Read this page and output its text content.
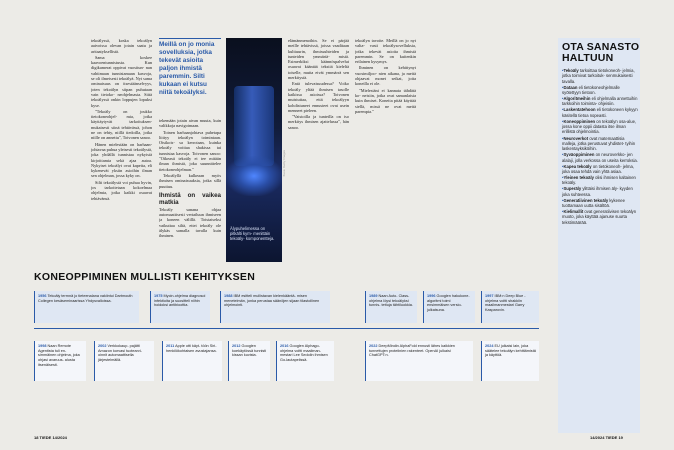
tekoälyssä, koska tekoälyn aaivoissa olevan jotain saatu ja aritaatyksellistä.

Sama koskee kaavoentunnistusta. Kun digikamerat oppivat vuositun- nan vahtimaan tunnistamaan kasvoja, se oli ilmeisesti tekoälyä. Nyt sama ominaisuus on itsestäänselvyys, joten tekoälyn siipan puhutaan vain tietoko- neohjelmasta. Siitä tekoälyssä onkin loppujen lopuksi kyse.

"Tekoäly on joukko tietokoneohjel- mia, jotka käyttäytyvät tarkoituksen- mukaisesti siinä tehtävässä, johon ne on tehty, niillä tiedoilla, jotka niille on annettu", Toivonen sanoo.

Hänen mielestään on harhaan- johtavaa puhua yleisesti tekoälystä, joka yhdällä tunnistaa nykyisiä kirjoittamia sekä ajaa autoa. Nykyiset tekoälyt ovat kapeita, eli kykenevät yksiin asioihin ilman sen ohjelman, jossa kyky on.

Silti tekoälystä voi puhua hyvin, jos tarkoitetaan kokoelmaa ohjelmia, jotka kaikki osaavat tehtävänsä.

Meillä on jo monia sovelluksia, jotka tekevät asioita paljon ihmistä paremmin. Silti kukaan ei kutsu niitä tekoälyksi.

tekemään jotain aivan muuta, kuin valikkoja navigoimaan.

Toinen harhaanjohtava puhetapa liittyy tekoälyn toimintaan. Otsikois- sa kerrotaan, kuinka tekoäly voittaa shakissa tai tunnistaa kasvoja. Toivonen sanoo: "Oikeasti tekoäly ei tee mitään ilman ihmistä, joka suunnittelee tietokoneohjelman."

Tekoälyllä kulkeaan myös ihmisen ominaisuuksia, jotka sillä puuttuu.

Ihmistä on vaikea matkia

Tekoäly sanana ohjaa automaattisesti vertailuun ihmiseen ja koneen välillä. Toistaiseksi vaikuttaa siltä, ettei tekoäly ole älykäs samalla tavalla kuin ihminen.

Älypuhelimessa on pitkälti kym- menittäin tekoäly- komponentteja.
Kuva: Getty Images

elämänmenoihin. Se ei pärjää meille tehtävissä, joissa vaaditaan kulttuurin, ihmissuhteiden ja tunteiden ymmärtä- mistä. Esimerkiksi käännöspalvelut osaavat kääntää tekstiä kieleltä toiselle, mutta eivät ymmärrä sen merkitystä.

Entä tulevaisuudessa? Voiko tekoäly yltää ihmisen tasolle kaikissa asioissa? Toivonen muistuttaa, että tekoälyyn kohdistuneet ennusteet ovat usein menneet pieleen.

"Vaistoilla ja tunteilla on iso merkitys ihmisen ajattelussa", hän sanoo.

tekoälyn tavoite. Meillä on jo nyt valta- vasti tekoälysovelluksia, jotka tekevät asioita ihmistä paremmin. Se on kuitenkin erilainen kysymys.

Ihminen on kehittynyt vuosimiljoo- nien aikana, ja meitä ohjaavat monet seikat, joita koneilla ei ole.

"Mielestäni ei kannata tähdätä ko- neisiin, jotka ovat samanlaisia kuin ihmiset. Koneita pitää käyttää siellä, missä ne ovat meitä parempia."

OTA SANASTO HALTUUN
• Tekoäly tarkoittaa tietokoneoh- jelmia, jotka toimivat tarkoituk- senmukaisesti tavalla.
• Dataan eli tietokoneohjelmalle syötettyyn tietoon.
• Algoritmeihin eli ohjelmalla annettuihin tarkkoihin toiminta- ohjeisiin.
• Laskentatehoon eli tietokoneen kykyyn käsitellä tietoa nopeasti.
• Koneoppiminen on tekoälyn osa-alue, jossa kone oppii datasta itse ilman erillistä ohjelmointia.
• Neuroverkot ovat matemaattisia malleja, jotka perustuvat yhdistet- tyihin laskentayksiköihin.
• Syväoppiminen on neuroverkko- jen alalaji, jolla verkossa on useita kerroksia.
• Kapea tekoäly on tietokoneoh- jelma, joka osaa tehdä vain yhtä asiaa.
• Yleinen tekoäly olisi ihmisen kaltainen tekoäly.
• Superäly ylittäisi ihmisen äly- kyyden joka suhteessa.
• Generatiivinen tekoäly kykenee tuottamaan uutta sisältöä.
• Kielimallit ovat generatiivisen tekoälyn muoto, joka käyttää ajanuse suurta tekstimäärää.
KONEOPPIMINEN MULLISTI KEHITYKSEN
1956 Tekoäly termnä jo tieteenalana vakiintui Dartmouth Collegen kesäseminaarissa Yhdysvalloissa.
1975 Mycin-ohjelma diagnosoi infektioita ja suositteli niihin hoidoksi antibioottia.
1988 IBM esitteli mullistavan kielenkääntä- misen menetelmän, jonka perustaa säänöjen sijaan tilastollinen ohjelmointi.
1989 Naan Auto- Class-ohjelma löysi tekoälyksi tunnis- tettuja tähtiluokkia.
1996 Googlen hakukone- algoritmi toimi ensimmäisen versio- julkaisuna.
1997 IBM:n Deep Blue -ohjelma voitti shakkiin maailmanmestari Garry Kasparovin.
1998 Naan Remote Agentista tuli en- simmäinen ohjelma, joka ohjasi avaruus- alusta itsenäisesti.
2002 Verkkokaup- pajätti Amazon korvasi tuotearvi- oinnit automaattisella järjestelmällä.
2011 Apple otti käyt- töön Siri-henkilökohtaisen avustajansa.
2012 Googlen koekäytössä tunnisti kissan kuvista.
2016 Googlen Alphago-ohjelma voitti maailman- mestari Lee Sedolin ihmisen Go-lautapelissä.
2022 DeepMindin AlphaFold ennusti lähes kaikkien tunnettujen proteiinien rakenteet. OpenAI julkaisi ChatGPT:n.
2024 EU julkaisi lain, joka säätelee tekoälyn kehittämistä ja käyttöä.
18 TIEDE 14/2024	14/2024 TIEDE 19
